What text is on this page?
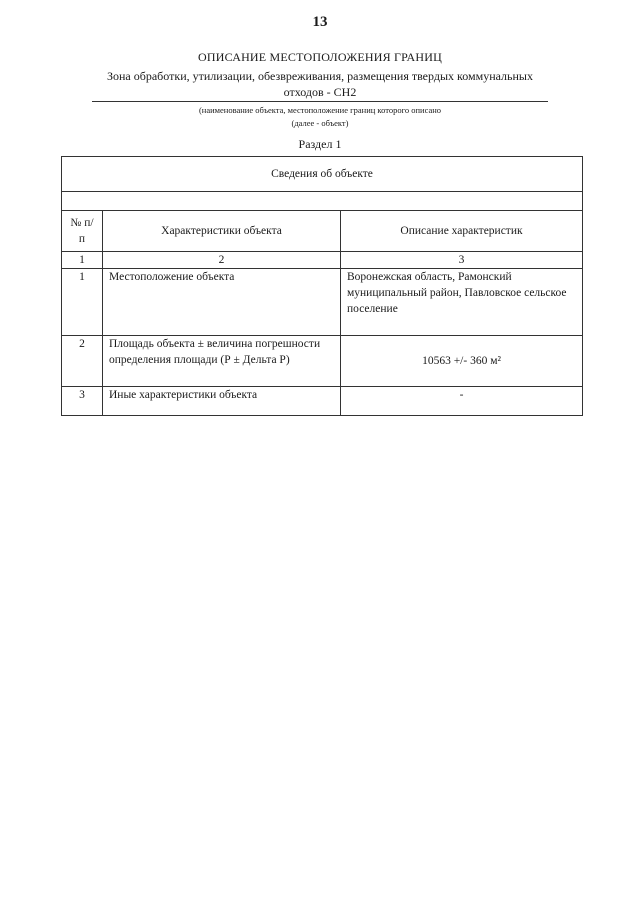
13
ОПИСАНИЕ МЕСТОПОЛОЖЕНИЯ ГРАНИЦ
Зона обработки, утилизации, обезвреживания, размещения твердых коммунальных
отходов - СН2
(наименование объекта, местоположение границ которого описано
(далее - объект)
Раздел 1
Сведения об объекте		

№ п/п	Характеристики объекта	Описание характеристик
1	2	3
1	Местоположение объекта	Воронежская область, Рамонский муниципальный район, Павловское сельское поселение
2	Площадь объекта ± величина погрешности определения площади (Р ± Дельта Р)	10563 +/- 360 м²
3	Иные характеристики объекта	-
